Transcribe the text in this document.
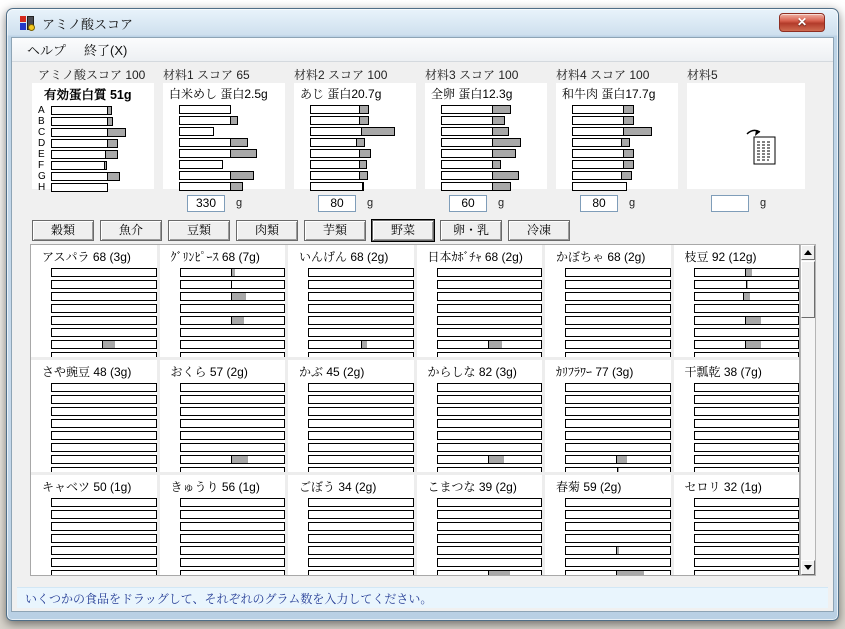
アミノ酸スコア	✕
ヘルプ	終了(X)
アミノ酸スコア 100 材料1 スコア 65	材料2 スコア 100	材料3 スコア 100	材料4 スコア 100	材料5
有効蛋白質 51g
A
B
C
D
E
F
G
H
白米めし 蛋白2.5g	あじ 蛋白20.7g	全卵 蛋白12.3g	和牛肉 蛋白17.7g
330
g
80	g
60	g
80	g	g
穀類	魚介	豆類	肉類	芋類	野菜	卵・乳	冷凍
アスパラ 68 (3g)	ｸﾞﾘﾝﾋﾟｰｽ 68 (7g)	いんげん 68 (2g)	日本ｶﾎﾞﾁｬ 68 (2g)	かぼちゃ 68 (2g)	枝豆 92 (12g)
さや豌豆 48 (3g)	おくら 57 (2g)	かぶ 45 (2g)	からしな 82 (3g)	ｶﾘﾌﾗﾜｰ 77 (3g)	干瓢乾 38 (7g)
キャベツ 50 (1g)	きゅうり 56 (1g)	ごぼう 34 (2g)	こまつな 39 (2g)	春菊 59 (2g)	セロリ 32 (1g)
いくつかの食品をドラッグして、それぞれのグラム数を入力してください。
